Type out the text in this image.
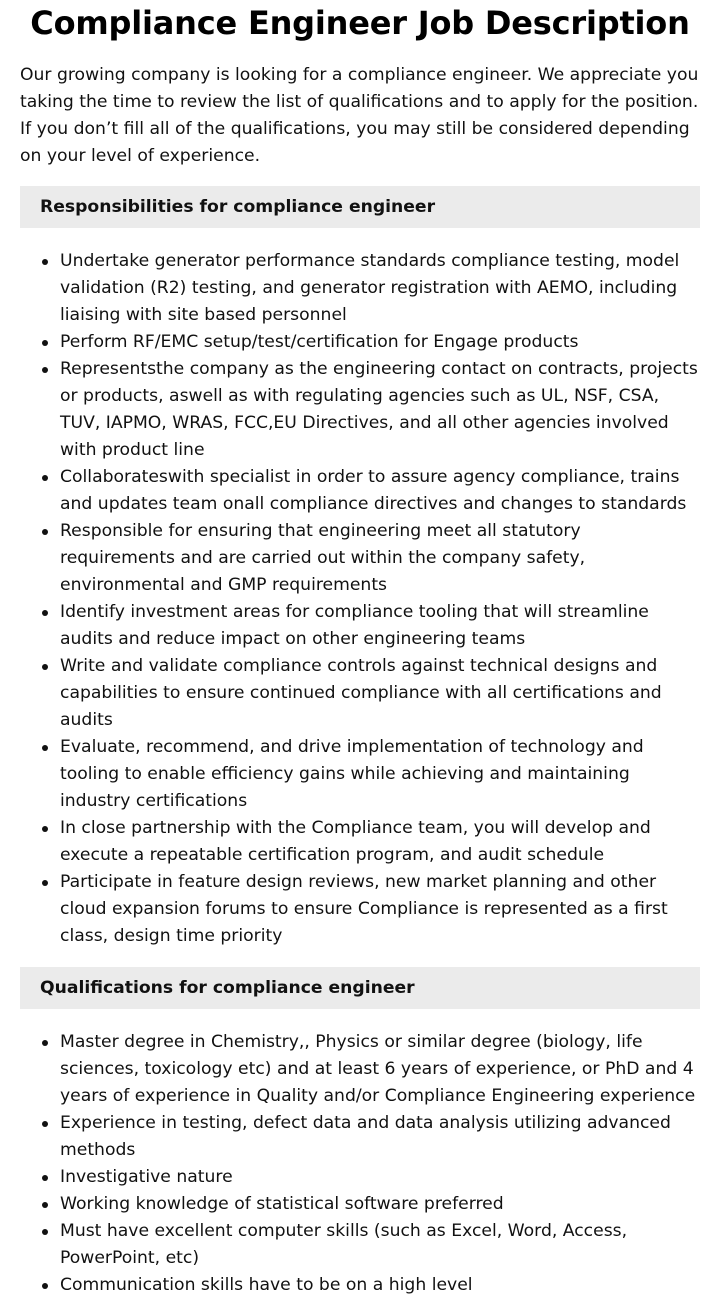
Compliance Engineer Job Description

Our growing company is looking for a compliance engineer. We appreciate you taking the time to review the list of qualifications and to apply for the position. If you don’t fill all of the qualifications, you may still be considered depending on your level of experience.

Responsibilities for compliance engineer
Undertake generator performance standards compliance testing, model validation (R2) testing, and generator registration with AEMO, including liaising with site based personnel
Perform RF/EMC setup/test/certification for Engage products
Representsthe company as the engineering contact on contracts, projects or products, aswell as with regulating agencies such as UL, NSF, CSA, TUV, IAPMO, WRAS, FCC,EU Directives, and all other agencies involved with product line
Collaborateswith specialist in order to assure agency compliance, trains and updates team onall compliance directives and changes to standards
Responsible for ensuring that engineering meet all statutory requirements and are carried out within the company safety, environmental and GMP requirements
Identify investment areas for compliance tooling that will streamline audits and reduce impact on other engineering teams
Write and validate compliance controls against technical designs and capabilities to ensure continued compliance with all certifications and audits
Evaluate, recommend, and drive implementation of technology and tooling to enable efficiency gains while achieving and maintaining industry certifications
In close partnership with the Compliance team, you will develop and execute a repeatable certification program, and audit schedule
Participate in feature design reviews, new market planning and other cloud expansion forums to ensure Compliance is represented as a first class, design time priority
Qualifications for compliance engineer
Master degree in Chemistry,, Physics or similar degree (biology, life sciences, toxicology etc) and at least 6 years of experience, or PhD and 4 years of experience in Quality and/or Compliance Engineering experience
Experience in testing, defect data and data analysis utilizing advanced methods
Investigative nature
Working knowledge of statistical software preferred
Must have excellent computer skills (such as Excel, Word, Access, PowerPoint, etc)
Communication skills have to be on a high level
